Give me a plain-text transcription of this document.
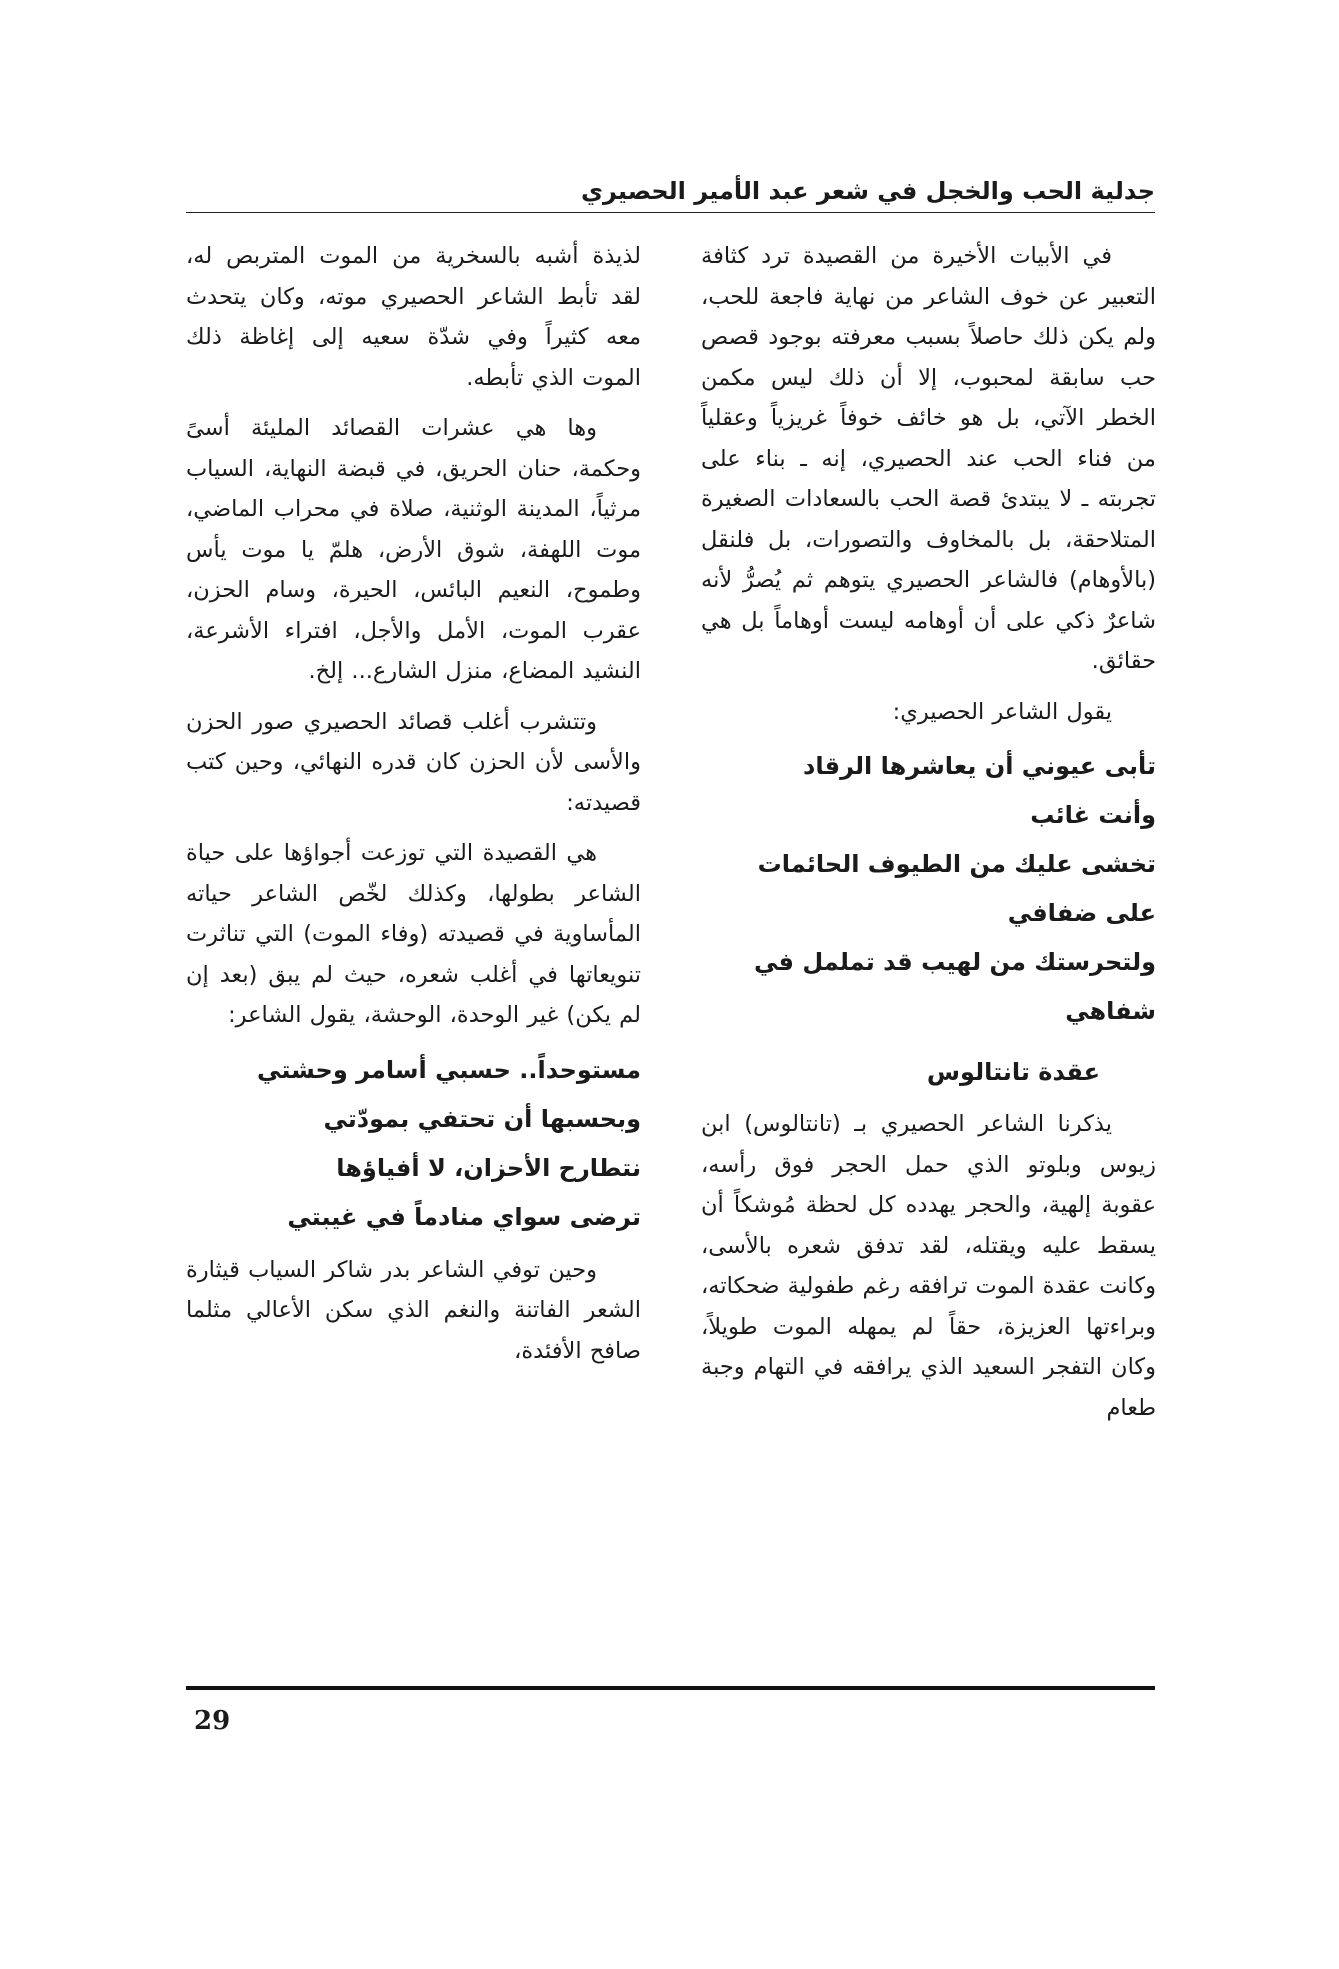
جدلية الحب والخجل في شعر عبد الأمير الحصيري

في الأبيات الأخيرة من القصيدة ترد كثافة التعبير عن خوف الشاعر من نهاية فاجعة للحب، ولم يكن ذلك حاصلاً بسبب معرفته بوجود قصص حب سابقة لمحبوب، إلا أن ذلك ليس مكمن الخطر الآتي، بل هو خائف خوفاً غريزياً وعقلياً من فناء الحب عند الحصيري، إنه ـ بناء على تجربته ـ لا يبتدئ قصة الحب بالسعادات الصغيرة المتلاحقة، بل بالمخاوف والتصورات، بل فلنقل (بالأوهام) فالشاعر الحصيري يتوهم ثم يُصرُّ لأنه شاعرٌ ذكي على أن أوهامه ليست أوهاماً بل هي حقائق.

يقول الشاعر الحصيري:

تأبى عيوني أن يعاشرها الرقاد
وأنت غائب
تخشى عليك من الطيوف الحائمات
على ضفافي
ولتحرستك من لهيب قد تململ في
شفاهي
عقدة تانتالوس

يذكرنا الشاعر الحصيري بـ (تانتالوس) ابن زيوس وبلوتو الذي حمل الحجر فوق رأسه، عقوبة إلهية، والحجر يهدده كل لحظة مُوشكاً أن يسقط عليه ويقتله، لقد تدفق شعره بالأسى، وكانت عقدة الموت ترافقه رغم طفولية ضحكاته، وبراءتها العزيزة، حقاً لم يمهله الموت طويلاً، وكان التفجر السعيد الذي يرافقه في التهام وجبة طعام

لذيذة أشبه بالسخرية من الموت المتربص له، لقد تأبط الشاعر الحصيري موته، وكان يتحدث معه كثيراً وفي شدّة سعيه إلى إغاظة ذلك الموت الذي تأبطه.

وها هي عشرات القصائد المليئة أسىً وحكمة، حنان الحريق، في قبضة النهاية، السياب مرثياً، المدينة الوثنية، صلاة في محراب الماضي، موت اللهفة، شوق الأرض، هلمّ يا موت يأس وطموح، النعيم البائس، الحيرة، وسام الحزن، عقرب الموت، الأمل والأجل، افتراء الأشرعة، النشيد المضاع، منزل الشارع... إلخ.

وتتشرب أغلب قصائد الحصيري صور الحزن والأسى لأن الحزن كان قدره النهائي، وحين كتب قصيدته:

هي القصيدة التي توزعت أجواؤها على حياة الشاعر بطولها، وكذلك لخّص الشاعر حياته المأساوية في قصيدته (وفاء الموت) التي تناثرت تنويعاتها في أغلب شعره، حيث لم يبق (بعد إن لم يكن) غير الوحدة، الوحشة، يقول الشاعر:

مستوحداً.. حسبي أسامر وحشتي
وبحسبها أن تحتفي بمودّتي
نتطارح الأحزان، لا أفياؤها
ترضى سواي منادماً في غيبتي

وحين توفي الشاعر بدر شاكر السياب قيثارة الشعر الفاتنة والنغم الذي سكن الأعالي مثلما صافح الأفئدة،

29
